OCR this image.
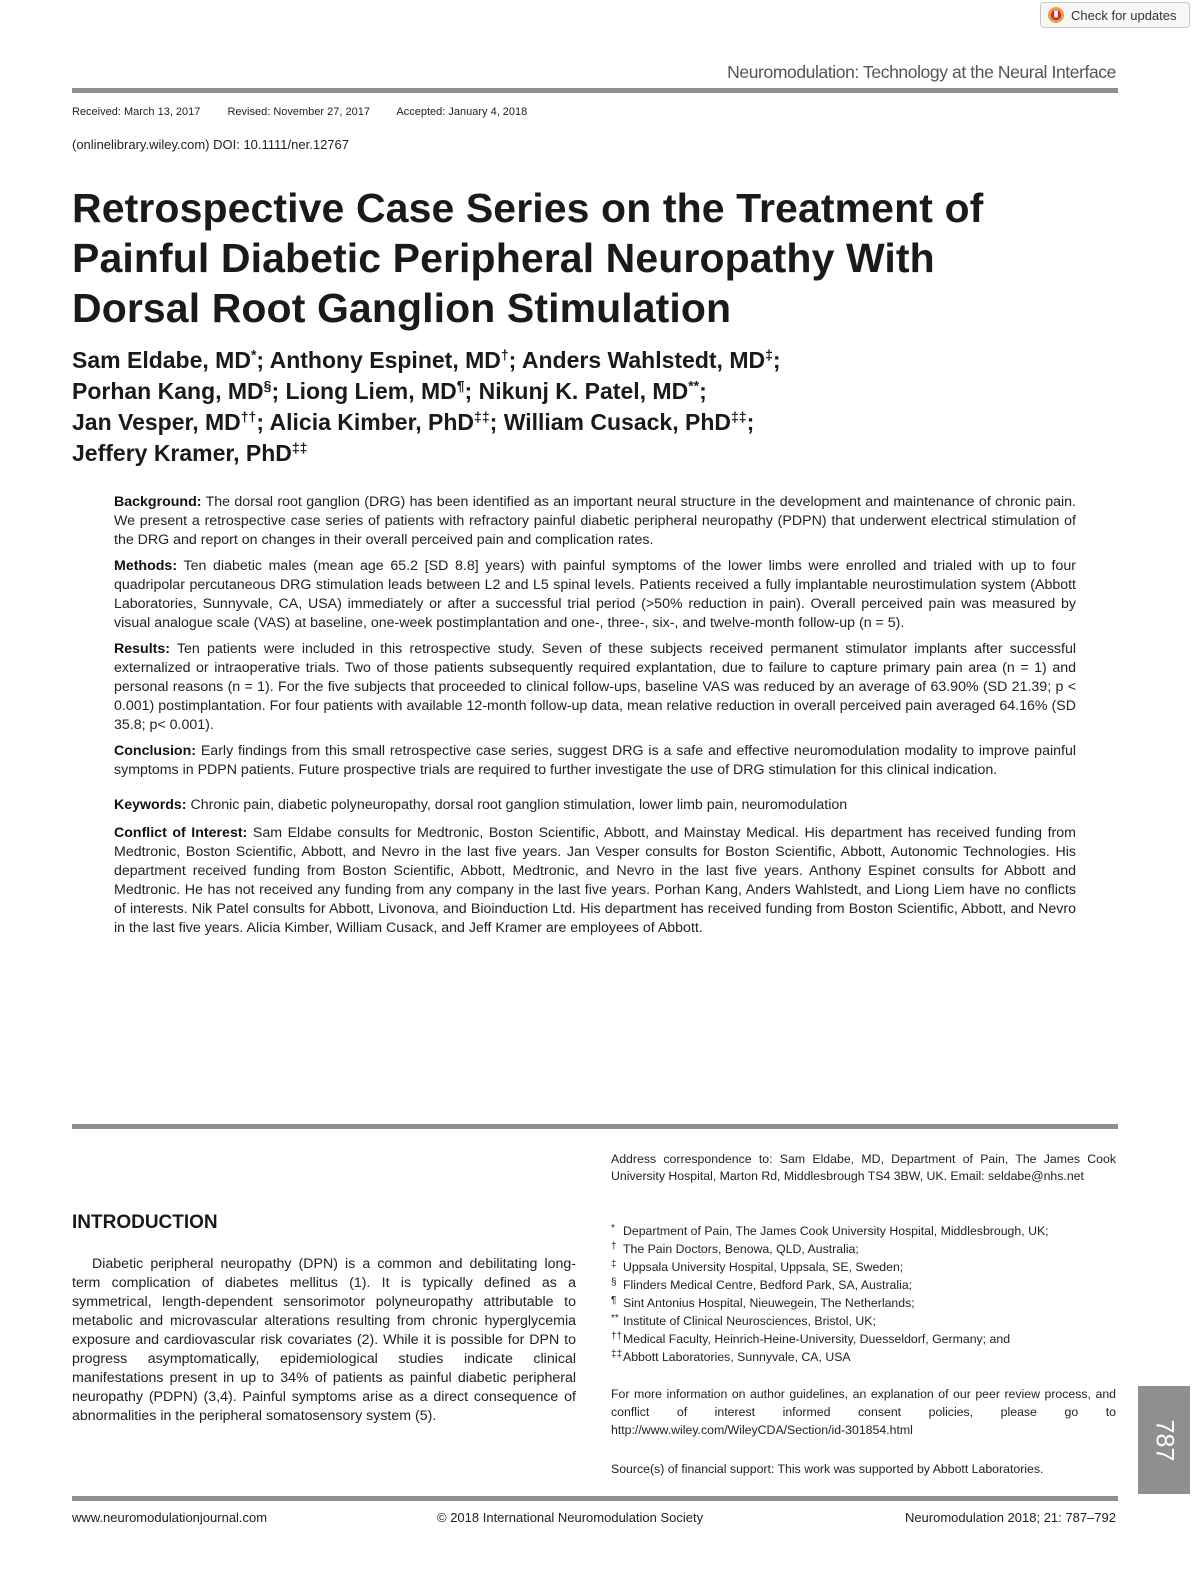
Check for updates
Neuromodulation: Technology at the Neural Interface
Received: March 13, 2017 Revised: November 27, 2017 Accepted: January 4, 2018
(onlinelibrary.wiley.com) DOI: 10.1111/ner.12767
Retrospective Case Series on the Treatment of
Painful Diabetic Peripheral Neuropathy With
Dorsal Root Ganglion Stimulation

Sam Eldabe, MD*; Anthony Espinet, MD†; Anders Wahlstedt, MD‡;
Porhan Kang, MD§; Liong Liem, MD¶; Nikunj K. Patel, MD**;
Jan Vesper, MD††; Alicia Kimber, PhD‡‡; William Cusack, PhD‡‡;
Jeffery Kramer, PhD‡‡

Background: The dorsal root ganglion (DRG) has been identified as an important neural structure in the development and maintenance of chronic pain. We present a retrospective case series of patients with refractory painful diabetic peripheral neuropathy (PDPN) that underwent electrical stimulation of the DRG and report on changes in their overall perceived pain and complication rates.

Methods: Ten diabetic males (mean age 65.2 [SD 8.8] years) with painful symptoms of the lower limbs were enrolled and trialed with up to four quadripolar percutaneous DRG stimulation leads between L2 and L5 spinal levels. Patients received a fully implantable neurostimulation system (Abbott Laboratories, Sunnyvale, CA, USA) immediately or after a successful trial period (>50% reduction in pain). Overall perceived pain was measured by visual analogue scale (VAS) at baseline, one-week postimplantation and one-, three-, six-, and twelve-month follow-up (n = 5).

Results: Ten patients were included in this retrospective study. Seven of these subjects received permanent stimulator implants after successful externalized or intraoperative trials. Two of those patients subsequently required explantation, due to failure to capture primary pain area (n = 1) and personal reasons (n = 1). For the five subjects that proceeded to clinical follow-ups, baseline VAS was reduced by an average of 63.90% (SD 21.39; p < 0.001) postimplantation. For four patients with available 12-month follow-up data, mean relative reduction in overall perceived pain averaged 64.16% (SD 35.8; p< 0.001).

Conclusion: Early findings from this small retrospective case series, suggest DRG is a safe and effective neuromodulation modality to improve painful symptoms in PDPN patients. Future prospective trials are required to further investigate the use of DRG stimulation for this clinical indication.

Keywords: Chronic pain, diabetic polyneuropathy, dorsal root ganglion stimulation, lower limb pain, neuromodulation

Conflict of Interest: Sam Eldabe consults for Medtronic, Boston Scientific, Abbott, and Mainstay Medical. His department has received funding from Medtronic, Boston Scientific, Abbott, and Nevro in the last five years. Jan Vesper consults for Boston Scientific, Abbott, Autonomic Technologies. His department received funding from Boston Scientific, Abbott, Medtronic, and Nevro in the last five years. Anthony Espinet consults for Abbott and Medtronic. He has not received any funding from any company in the last five years. Porhan Kang, Anders Wahlstedt, and Liong Liem have no conflicts of interests. Nik Patel consults for Abbott, Livonova, and Bioinduction Ltd. His department has received funding from Boston Scientific, Abbott, and Nevro in the last five years. Alicia Kimber, William Cusack, and Jeff Kramer are employees of Abbott.

INTRODUCTION

Diabetic peripheral neuropathy (DPN) is a common and debilitating long-term complication of diabetes mellitus (1). It is typically defined as a symmetrical, length-dependent sensorimotor polyneuropathy attributable to metabolic and microvascular alterations resulting from chronic hyperglycemia exposure and cardiovascular risk covariates (2). While it is possible for DPN to progress asymptomatically, epidemiological studies indicate clinical manifestations present in up to 34% of patients as painful diabetic peripheral neuropathy (PDPN) (3,4). Painful symptoms arise as a direct consequence of abnormalities in the peripheral somatosensory system (5).

Address correspondence to: Sam Eldabe, MD, Department of Pain, The James Cook University Hospital, Marton Rd, Middlesbrough TS4 3BW, UK. Email: seldabe@nhs.net

* Department of Pain, The James Cook University Hospital, Middlesbrough, UK;
† The Pain Doctors, Benowa, QLD, Australia;
‡ Uppsala University Hospital, Uppsala, SE, Sweden;
§ Flinders Medical Centre, Bedford Park, SA, Australia;
¶ Sint Antonius Hospital, Nieuwegein, The Netherlands;
** Institute of Clinical Neurosciences, Bristol, UK;
†† Medical Faculty, Heinrich-Heine-University, Duesseldorf, Germany; and
‡‡ Abbott Laboratories, Sunnyvale, CA, USA

For more information on author guidelines, an explanation of our peer review process, and conflict of interest informed consent policies, please go to http://www.wiley.com/WileyCDA/Section/id-301854.html

Source(s) of financial support: This work was supported by Abbott Laboratories.

787
www.neuromodulationjournal.com	© 2018 International Neuromodulation Society	Neuromodulation 2018; 21: 787–792
